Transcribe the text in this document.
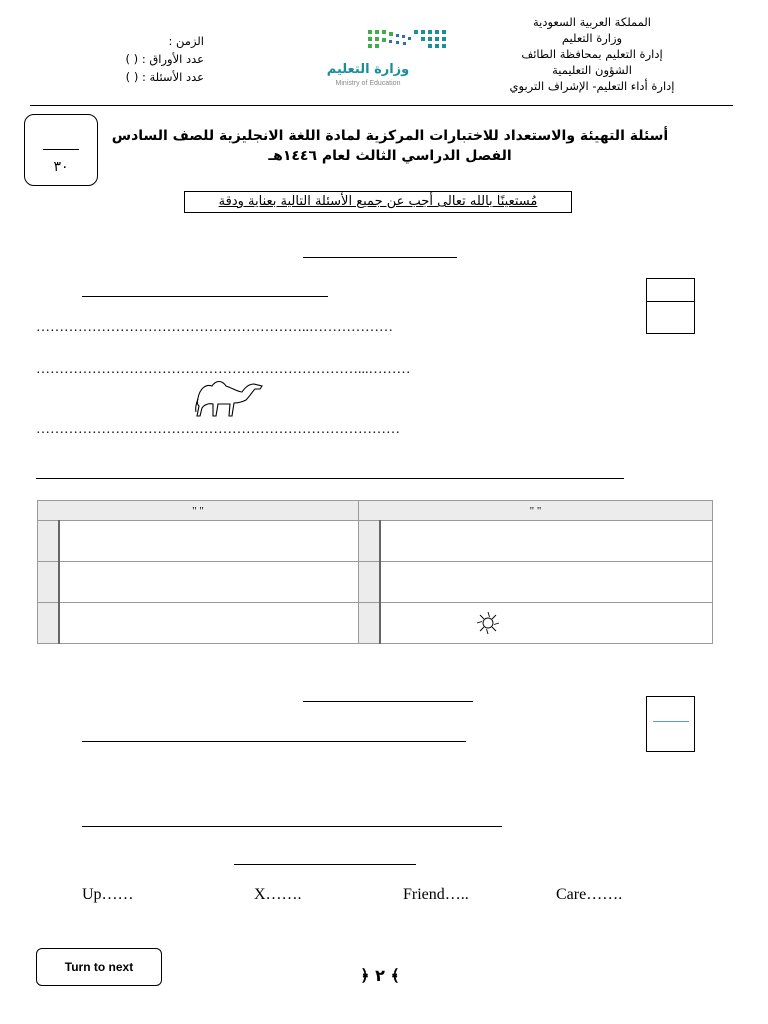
المملكة العربية السعودية
وزارة التعليم
إدارة التعليم بمحافظة الطائف
الشؤون التعليمية
إدارة أداء التعليم- الإشراف التربوي
وزارة التعليم
Ministry of Education
الزمن :
عدد الأوراق : ( )
عدد الأسئلة : ( )
٣٠
أسئلة التهيئة والاستعداد للاختبارات المركزية لمادة اللغة الانجليزية للصف السادس
الفصل الدراسي الثالث لعام ١٤٤٦هـ
مُستعينًا بالله تعالى أجب عن جميع الأسئلة التالية بعناية ودقة
…………………………………………………..………………
……………………………………………………………...………
……………………………………………………………………
" "		" "	

Up……	X…….	Friend…..	Care…….
Turn to next	﴿ ٢ ﴾
